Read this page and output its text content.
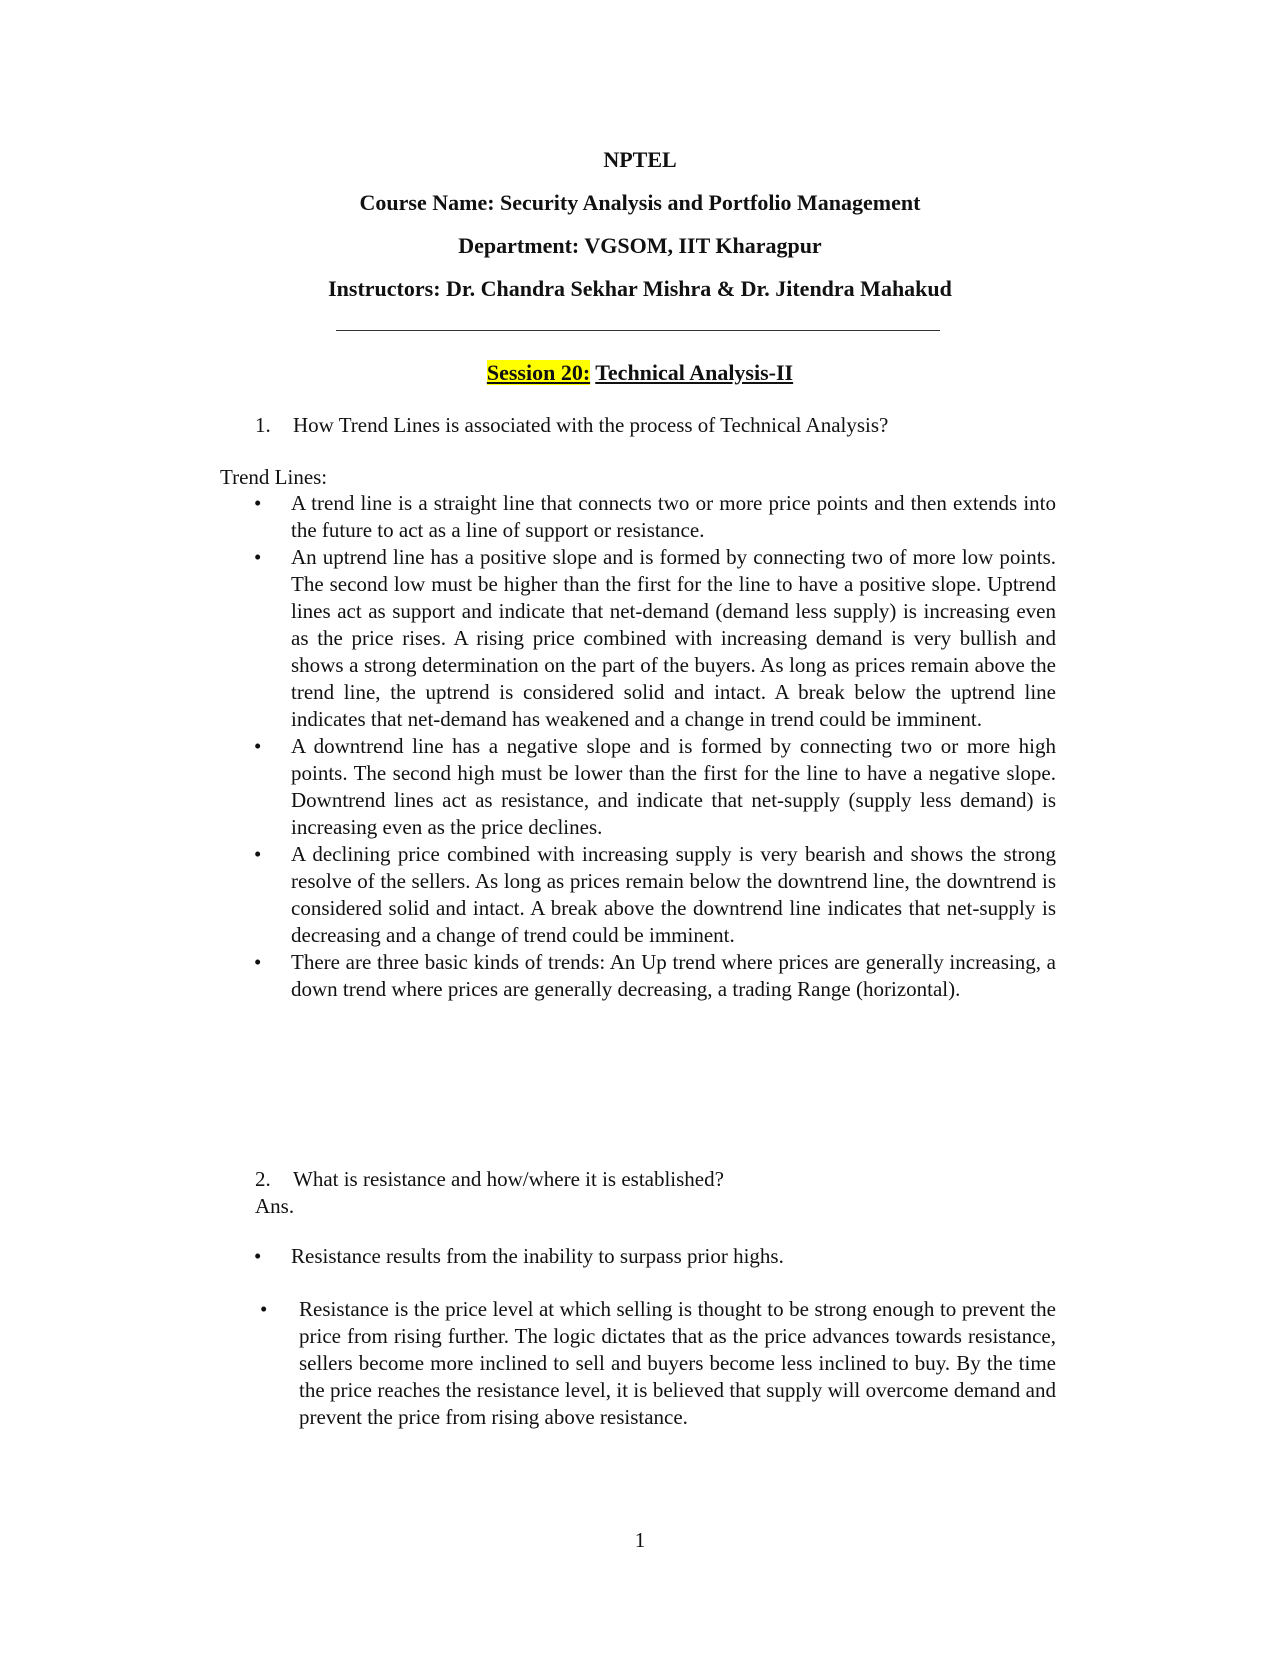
NPTEL
Course Name: Security Analysis and Portfolio Management
Department: VGSOM, IIT Kharagpur
Instructors: Dr. Chandra Sekhar Mishra & Dr. Jitendra Mahakud
Session 20: Technical Analysis-II
1. How Trend Lines is associated with the process of Technical Analysis?
Trend Lines:
• A trend line is a straight line that connects two or more price points and then extends into the future to act as a line of support or resistance.
• An uptrend line has a positive slope and is formed by connecting two of more low points. The second low must be higher than the first for the line to have a positive slope. Uptrend lines act as support and indicate that net-demand (demand less supply) is increasing even as the price rises. A rising price combined with increasing demand is very bullish and shows a strong determination on the part of the buyers. As long as prices remain above the trend line, the uptrend is considered solid and intact. A break below the uptrend line indicates that net-demand has weakened and a change in trend could be imminent.
• A downtrend line has a negative slope and is formed by connecting two or more high points. The second high must be lower than the first for the line to have a negative slope. Downtrend lines act as resistance, and indicate that net-supply (supply less demand) is increasing even as the price declines.
• A declining price combined with increasing supply is very bearish and shows the strong resolve of the sellers. As long as prices remain below the downtrend line, the downtrend is considered solid and intact. A break above the downtrend line indicates that net-supply is decreasing and a change of trend could be imminent.
• There are three basic kinds of trends: An Up trend where prices are generally increasing, a down trend where prices are generally decreasing, a trading Range (horizontal).
2. What is resistance and how/where it is established?
Ans.
• Resistance results from the inability to surpass prior highs.
• Resistance is the price level at which selling is thought to be strong enough to prevent the price from rising further. The logic dictates that as the price advances towards resistance, sellers become more inclined to sell and buyers become less inclined to buy. By the time the price reaches the resistance level, it is believed that supply will overcome demand and prevent the price from rising above resistance.
1
